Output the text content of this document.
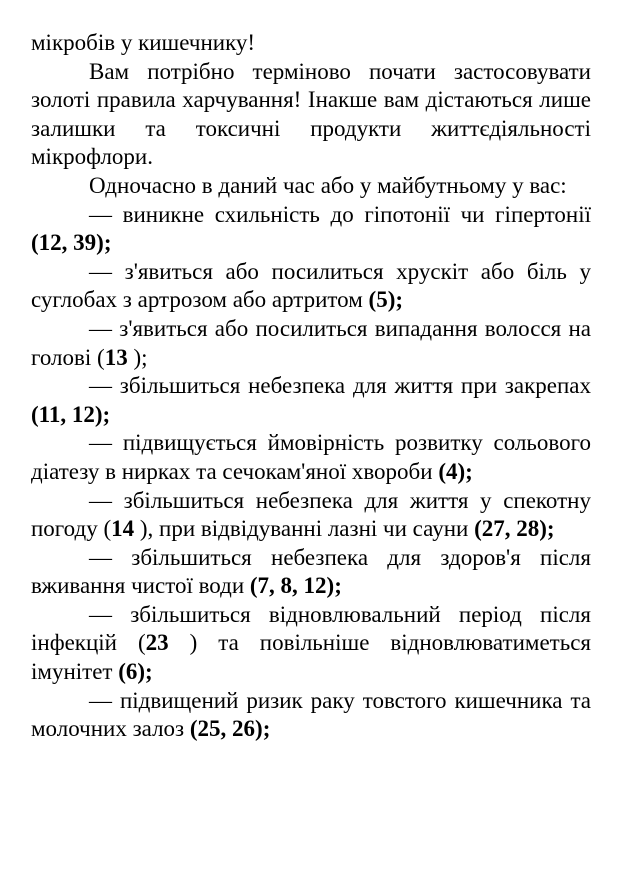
мікробів у кишечнику!

Вам потрібно терміново почати застосовувати золоті правила харчування! Інакше вам дістаються лише залишки та токсичні продукти життєдіяльності мікрофлори.

Одночасно в даний час або у майбутньому у вас:

— виникне схильність до гіпотонії чи гіпертонії (12, 39);

— з'явиться або посилиться хрускіт або біль у суглобах з артрозом або артритом (5);

— з'явиться або посилиться випадання волосся на голові (13 );

— збільшиться небезпека для життя при закрепах (11, 12);

— підвищується ймовірність розвитку сольового діатезу в нирках та сечокам'яної хвороби (4);

— збільшиться небезпека для життя у спекотну погоду (14 ), при відвідуванні лазні чи сауни (27, 28);

— збільшиться небезпека для здоров'я після вживання чистої води (7, 8, 12);

— збільшиться відновлювальний період після інфекцій (23 ) та повільніше відновлюватиметься імунітет (6);

— підвищений ризик раку товстого кишечника та молочних залоз (25, 26);
